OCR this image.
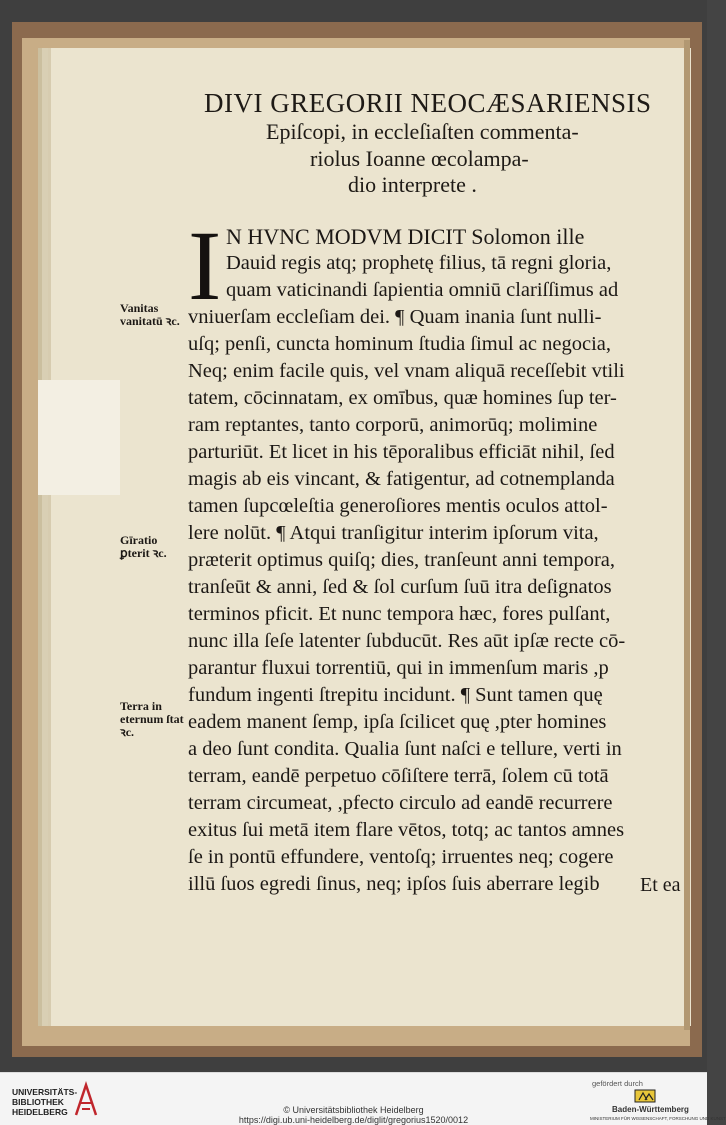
DIVI GREGORII NEOCÆSARIENSIS
Epiſcopi, in eccleſiaſten commenta-
riolus Ioanne œcolampa-
dio interprete .
I N HVNC MODVM DICIT Solomon ille
Dauid regis atq; prophetę filius, tā regni gloria,
quam vaticinandi ſapientia omniū clariſſimus ad
vniuerſam eccleſiam dei. ¶ Quam inania ſunt nulli-
uſq; penſi, cuncta hominum ſtudia ſimul ac negocia,
Neq; enim facile quis, vel vnam aliquā receſſebit vtili
tatem, cōcinnatam, ex omībus, quæ homines ſup ter-
ram reptantes, tanto corporū, animorūq; molimine
parturiūt. Et licet in his tēporalibus efficiāt nihil, ſed
magis ab eis vincant, & fatigentur, ad cotnemplanda
tamen ſupcœleſtia generoſiores mentis oculos attol-
lere nolūt. ¶ Atqui tranſigitur interim ipſorum vita,
præterit optimus quiſq; dies, tranſeunt anni tempora,
tranſeūt & anni, ſed & ſol curſum ſuū itra deſignatos
terminos pficit. Et nunc tempora hæc, fores pulſant,
nunc illa ſeſe latenter ſubducūt. Res aūt ipſæ recte cō-
parantur fluxui torrentiū, qui in immenſum maris ,p
fundum ingenti ſtrepitu incidunt. ¶ Sunt tamen quę
eadem manent ſemp, ipſa ſcilicet quę ,pter homines
a deo ſunt condita. Qualia ſunt naſci e tellure, verti in
terram, eandē perpetuo cōſiſtere terrā, ſolem cū totā
terram circumeat, ,pfecto circulo ad eandē recurrere
exitus ſui metā item flare vētos, totq; ac tantos amnes
ſe in pontū effundere, ventoſq; irruentes neq; cogere
illū ſuos egredi ſinus, neq; ipſos ſuis aberrare legib Et ea
Vanitas vanitatū ꝛc.
Gīratio ꝑterit ꝛc.
Terra in eternum ſtat ꝛc.
UNIVERSITÄTS-
BIBLIOTHEK
HEIDELBERG	© Universitätsbibliothek Heidelberg
https://digi.ub.uni-heidelberg.de/diglit/gregorius1520/0012
gefördert durch
Baden-Württemberg
MINISTERIUM FÜR WISSENSCHAFT, FORSCHUNG UND KUNST
